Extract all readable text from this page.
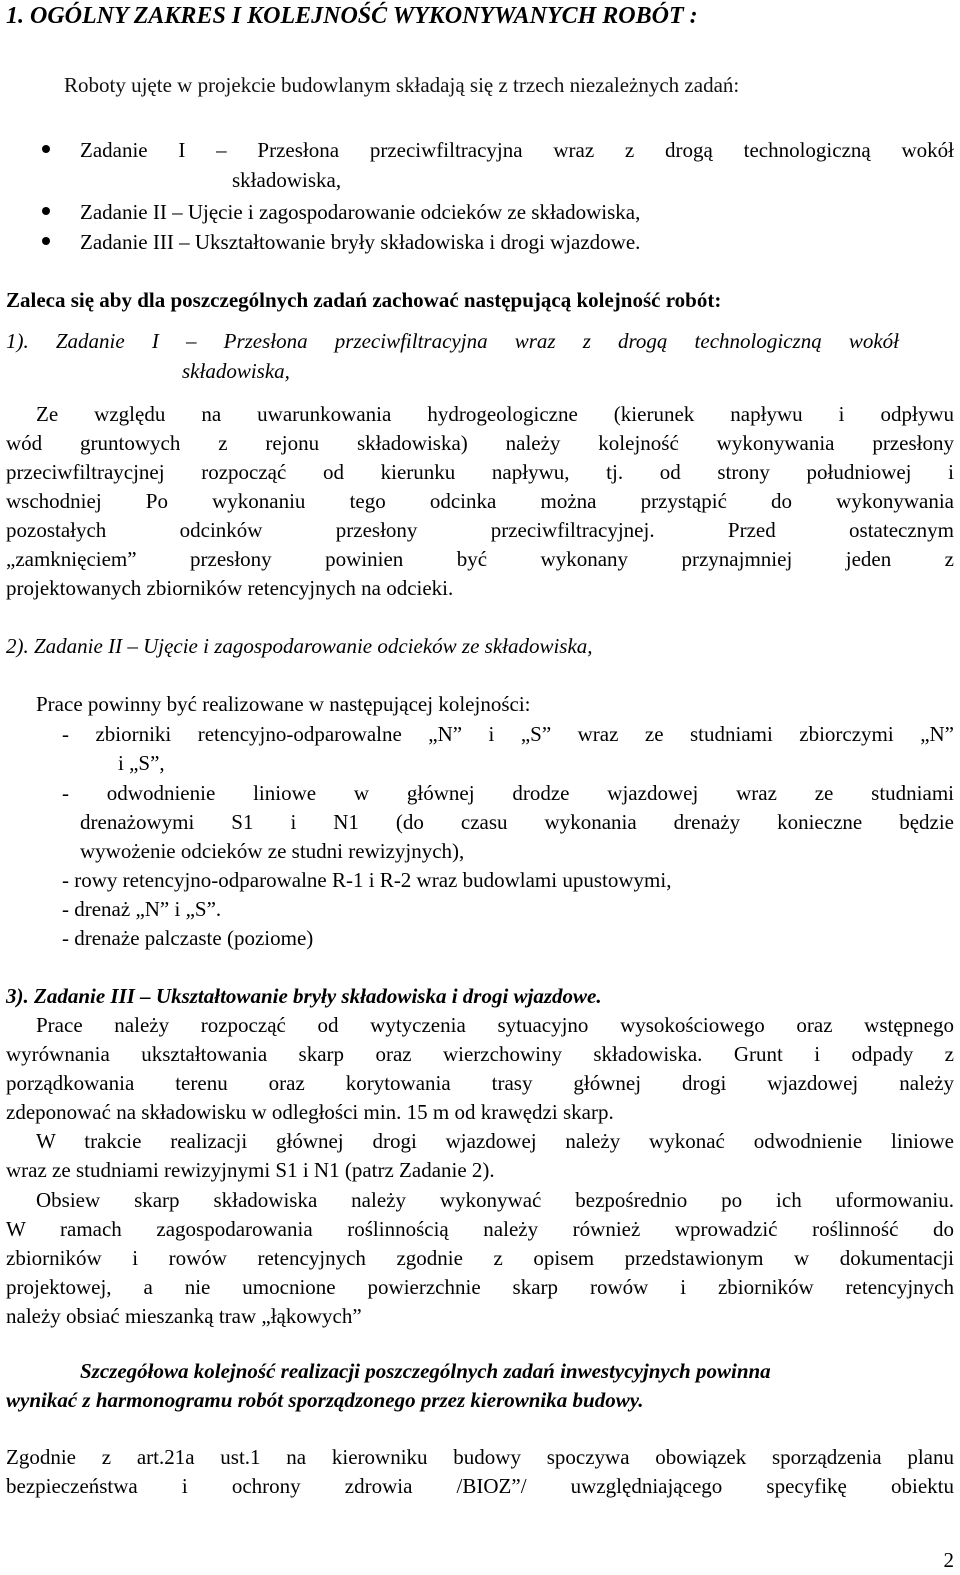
1. OGÓLNY ZAKRES I KOLEJNOŚĆ WYKONYWANYCH ROBÓT :
Roboty ujęte w projekcie budowlanym składają się z trzech niezależnych zadań:
Zadanie I – Przesłona przeciwfiltracyjna wraz z drogą technologiczną wokół
składowiska,
Zadanie II – Ujęcie i zagospodarowanie odcieków ze składowiska,
Zadanie III – Ukształtowanie bryły składowiska i drogi wjazdowe.
Zaleca się aby dla poszczególnych zadań zachować następującą kolejność robót:
1). Zadanie I – Przesłona przeciwfiltracyjna wraz z drogą technologiczną wokół
składowiska,
Ze względu na uwarunkowania hydrogeologiczne (kierunek napływu i odpływu
wód gruntowych z rejonu składowiska) należy kolejność wykonywania przesłony
przeciwfiltraycjnej rozpocząć od kierunku napływu, tj. od strony południowej i
wschodniej Po wykonaniu tego odcinka można przystąpić do wykonywania
pozostałych odcinków przesłony przeciwfiltracyjnej. Przed ostatecznym
„zamknięciem” przesłony powinien być wykonany przynajmniej jeden z
projektowanych zbiorników retencyjnych na odcieki.
2). Zadanie II – Ujęcie i zagospodarowanie odcieków ze składowiska,
Prace powinny być realizowane w następującej kolejności:
- zbiorniki retencyjno-odparowalne „N” i „S” wraz ze studniami zbiorczymi „N”
i „S”,
- odwodnienie liniowe w głównej drodze wjazdowej wraz ze studniami
drenażowymi S1 i N1 (do czasu wykonania drenaży konieczne będzie
wywożenie odcieków ze studni rewizyjnych),
- rowy retencyjno-odparowalne R-1 i R-2 wraz budowlami upustowymi,
- drenaż „N” i „S”.
- drenaże palczaste (poziome)
3). Zadanie III – Ukształtowanie bryły składowiska i drogi wjazdowe.
Prace należy rozpocząć od wytyczenia sytuacyjno wysokościowego oraz wstępnego
wyrównania ukształtowania skarp oraz wierzchowiny składowiska. Grunt i odpady z
porządkowania terenu oraz korytowania trasy głównej drogi wjazdowej należy
zdeponować na składowisku w odległości min. 15 m od krawędzi skarp.
W trakcie realizacji głównej drogi wjazdowej należy wykonać odwodnienie liniowe
wraz ze studniami rewizyjnymi S1 i N1 (patrz Zadanie 2).
Obsiew skarp składowiska należy wykonywać bezpośrednio po ich uformowaniu.
W ramach zagospodarowania roślinnością należy również wprowadzić roślinność do
zbiorników i rowów retencyjnych zgodnie z opisem przedstawionym w dokumentacji
projektowej, a nie umocnione powierzchnie skarp rowów i zbiorników retencyjnych
należy obsiać mieszanką traw „łąkowych”
Szczegółowa kolejność realizacji poszczególnych zadań inwestycyjnych powinna
wynikać z harmonogramu robót sporządzonego przez kierownika budowy.
Zgodnie z art.21a ust.1 na kierowniku budowy spoczywa obowiązek sporządzenia planu
bezpieczeństwa i ochrony zdrowia /BIOZ”/ uwzględniającego specyfikę obiektu
2
